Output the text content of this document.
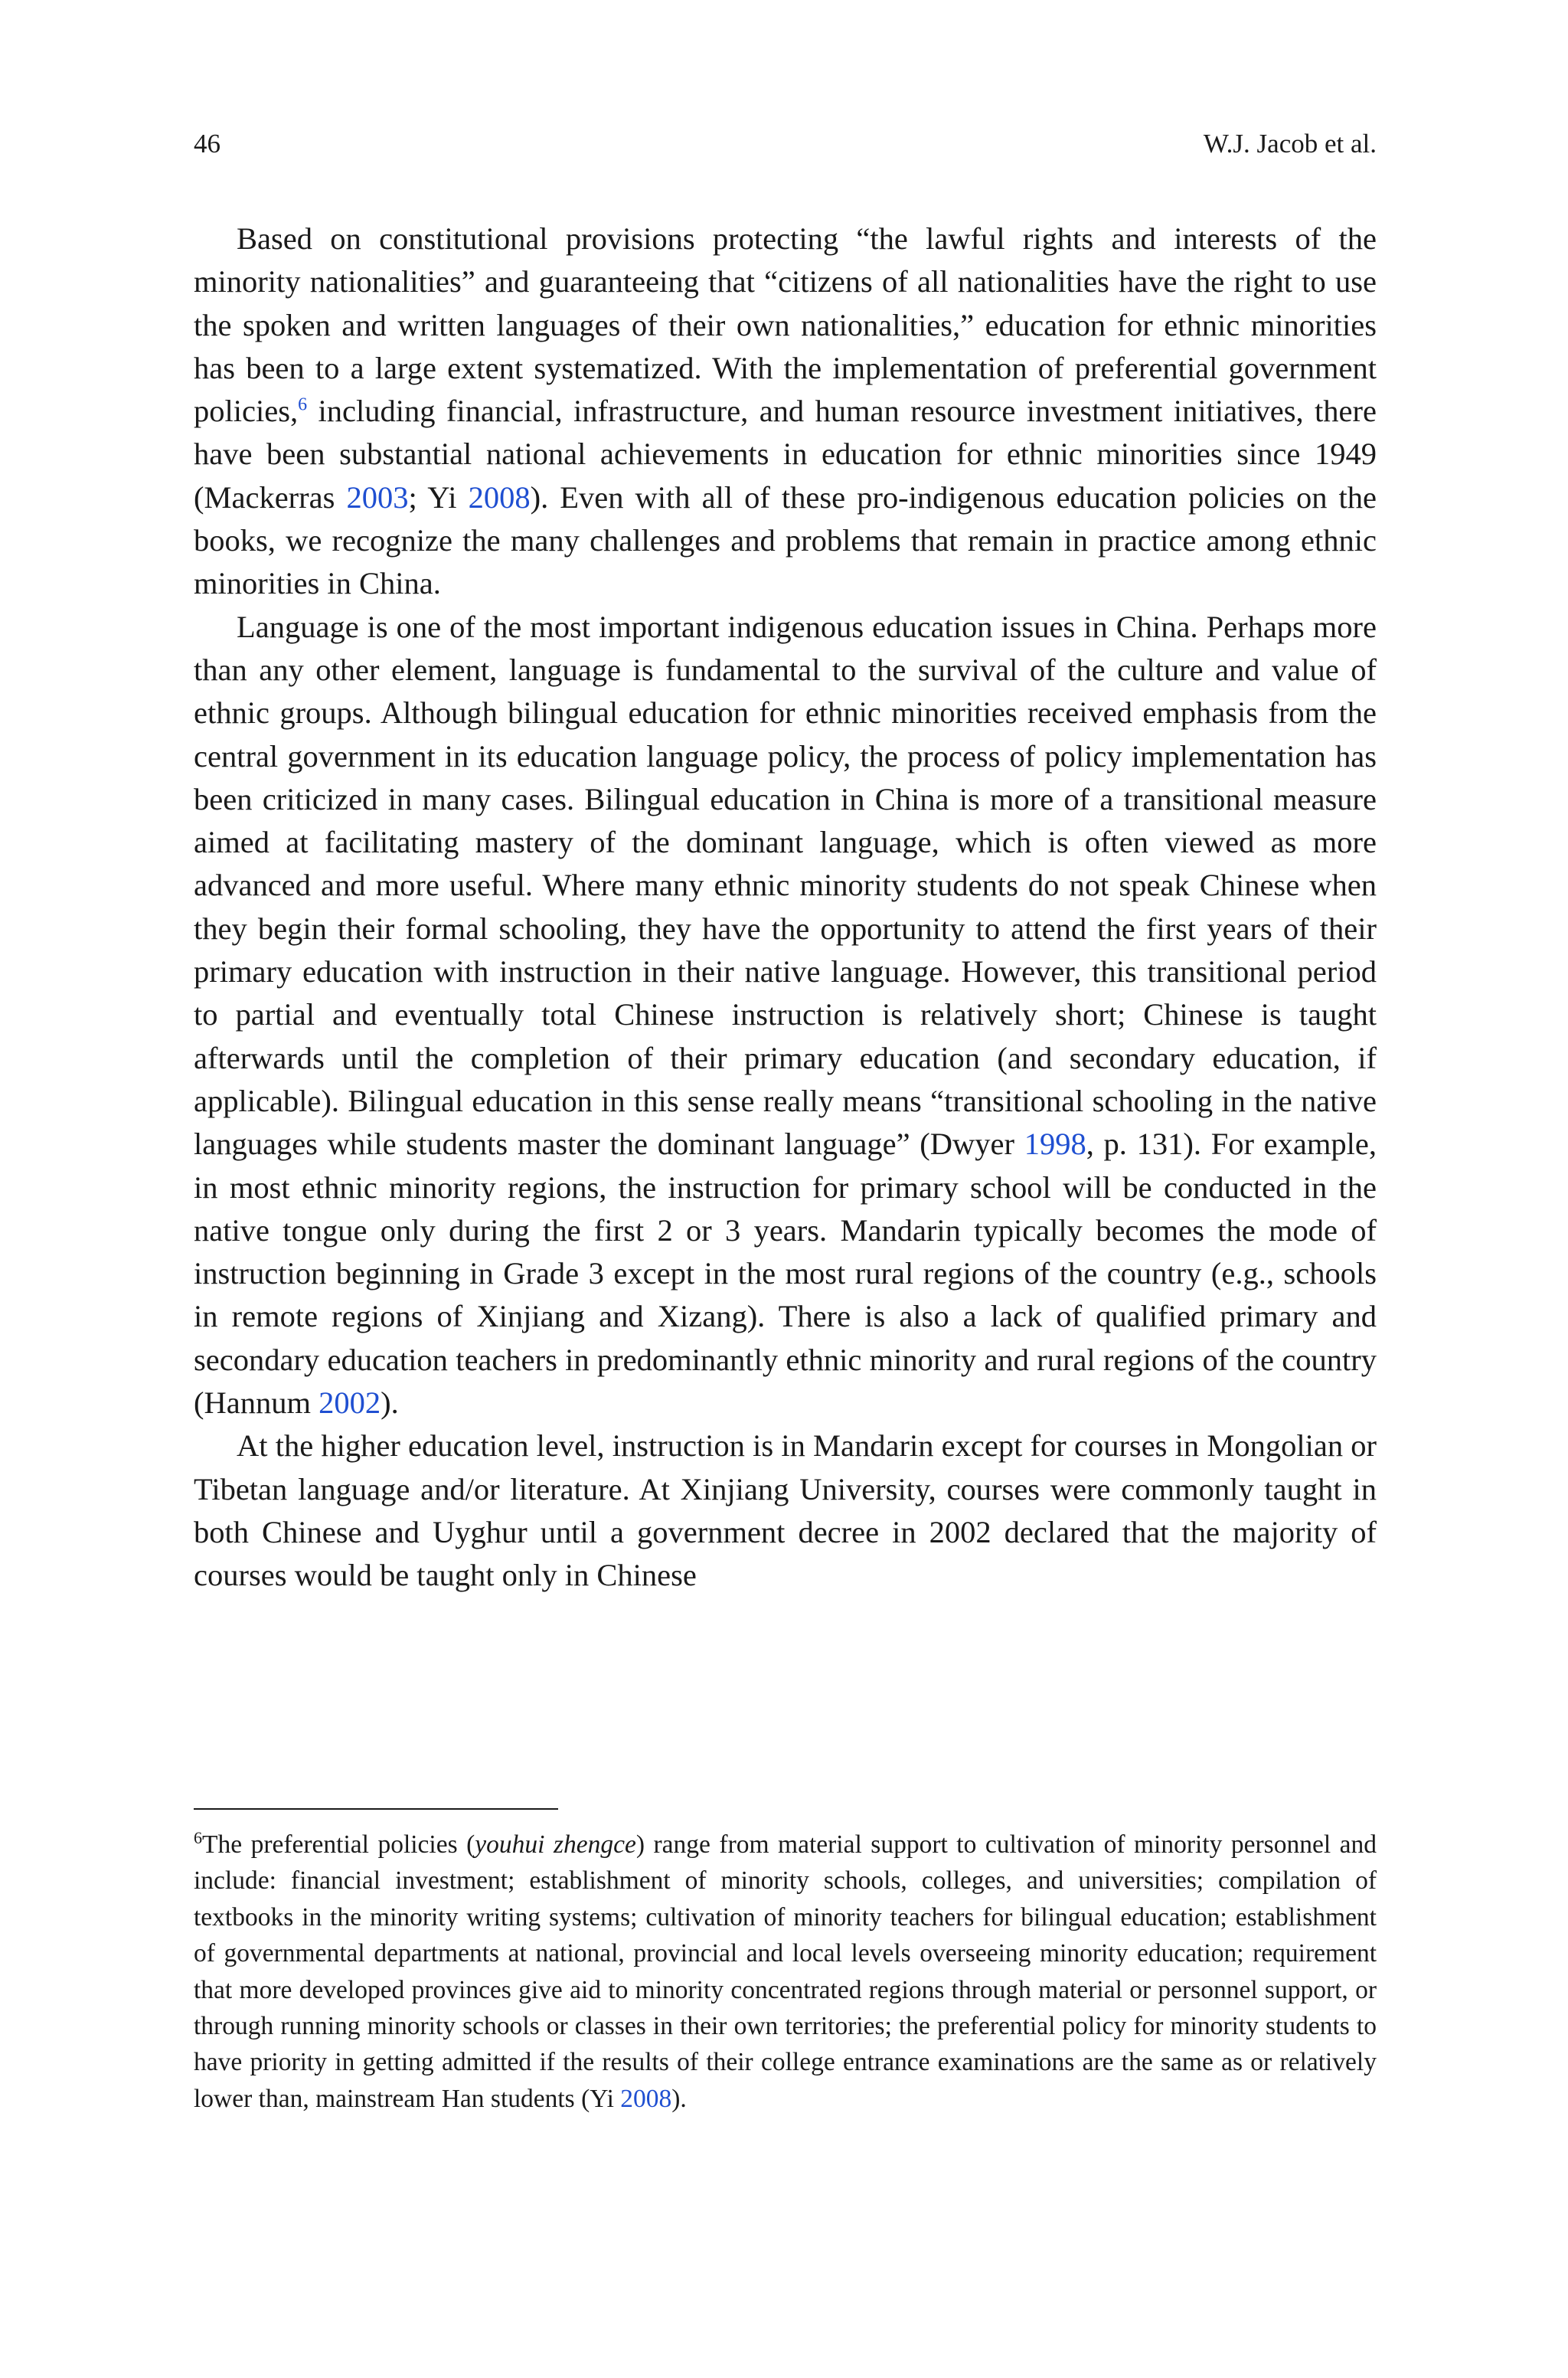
46	W.J. Jacob et al.

Based on constitutional provisions protecting “the lawful rights and interests of the minority nationalities” and guaranteeing that “citizens of all nationalities have the right to use the spoken and written languages of their own nationalities,” education for ethnic minorities has been to a large extent systematized. With the implementation of preferential government policies,$^6$ including financial, infrastructure, and human resource investment initiatives, there have been substantial national achievements in education for ethnic minorities since 1949 (Mackerras 2003; Yi 2008). Even with all of these pro-indigenous education policies on the books, we recognize the many challenges and problems that remain in practice among ethnic minorities in China.

Language is one of the most important indigenous education issues in China. Perhaps more than any other element, language is fundamental to the survival of the culture and value of ethnic groups. Although bilingual education for ethnic minorities received emphasis from the central government in its education language policy, the process of policy implementation has been criticized in many cases. Bilingual education in China is more of a transitional measure aimed at facilitating mastery of the dominant language, which is often viewed as more advanced and more useful. Where many ethnic minority students do not speak Chinese when they begin their formal schooling, they have the opportunity to attend the first years of their primary education with instruction in their native language. However, this transitional period to partial and eventually total Chinese instruction is relatively short; Chinese is taught afterwards until the completion of their primary education (and secondary education, if applicable). Bilingual education in this sense really means “transitional schooling in the native languages while students master the dominant language” (Dwyer 1998, p. 131). For example, in most ethnic minority regions, the instruction for primary school will be conducted in the native tongue only during the first 2 or 3 years. Mandarin typically becomes the mode of instruction beginning in Grade 3 except in the most rural regions of the country (e.g., schools in remote regions of Xinjiang and Xizang). There is also a lack of qualified primary and secondary education teachers in predominantly ethnic minority and rural regions of the country (Hannum 2002).

At the higher education level, instruction is in Mandarin except for courses in Mongolian or Tibetan language and/or literature. At Xinjiang University, courses were commonly taught in both Chinese and Uyghur until a government decree in 2002 declared that the majority of courses would be taught only in Chinese

$^6$The preferential policies (youhui zhengce) range from material support to cultivation of minority personnel and include: financial investment; establishment of minority schools, colleges, and universities; compilation of textbooks in the minority writing systems; cultivation of minority teachers for bilingual education; establishment of governmental departments at national, provincial and local levels overseeing minority education; requirement that more developed provinces give aid to minority concentrated regions through material or personnel support, or through running minority schools or classes in their own territories; the preferential policy for minority students to have priority in getting admitted if the results of their college entrance examinations are the same as or relatively lower than, mainstream Han students (Yi 2008).
